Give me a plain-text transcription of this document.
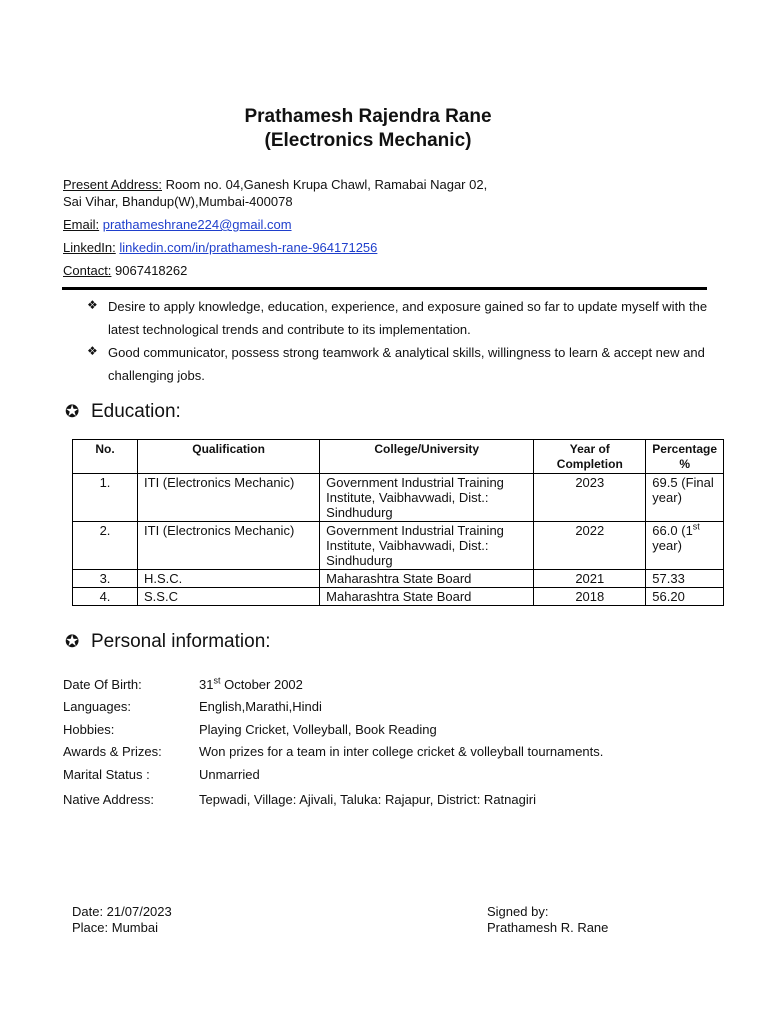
Prathamesh Rajendra Rane
(Electronics Mechanic)
Present Address: Room no. 04,Ganesh Krupa Chawl, Ramabai Nagar 02,
Sai Vihar, Bhandup(W),Mumbai-400078
Email: prathameshrane224@gmail.com
LinkedIn: linkedin.com/in/prathamesh-rane-964171256
Contact: 9067418262
❖ Desire to apply knowledge, education, experience, and exposure gained so far to update myself with the latest technological trends and contribute to its implementation.
❖ Good communicator, possess strong teamwork & analytical skills, willingness to learn & accept new and challenging jobs.
✪ Education:
No.	Qualification	College/University	Year of Completion	Percentage %
1.	ITI (Electronics Mechanic)	Government Industrial Training Institute, Vaibhavwadi, Dist.: Sindhudurg	2023	69.5 (Final year)
2.	ITI (Electronics Mechanic)	Government Industrial Training Institute, Vaibhavwadi, Dist.: Sindhudurg	2022	66.0 (1st year)
3.	H.S.C.	Maharashtra State Board	2021	57.33
4.	S.S.C	Maharashtra State Board	2018	56.20
✪ Personal information:
Date Of Birth:	31st October 2002
Languages:	English,Marathi,Hindi
Hobbies:	Playing Cricket, Volleyball, Book Reading
Awards & Prizes:	Won prizes for a team in inter college cricket & volleyball tournaments.
Marital Status :	Unmarried
Native Address:	Tepwadi, Village: Ajivali, Taluka: Rajapur, District: Ratnagiri
Date: 21/07/2023
Place: Mumbai
Signed by:
Prathamesh R. Rane
